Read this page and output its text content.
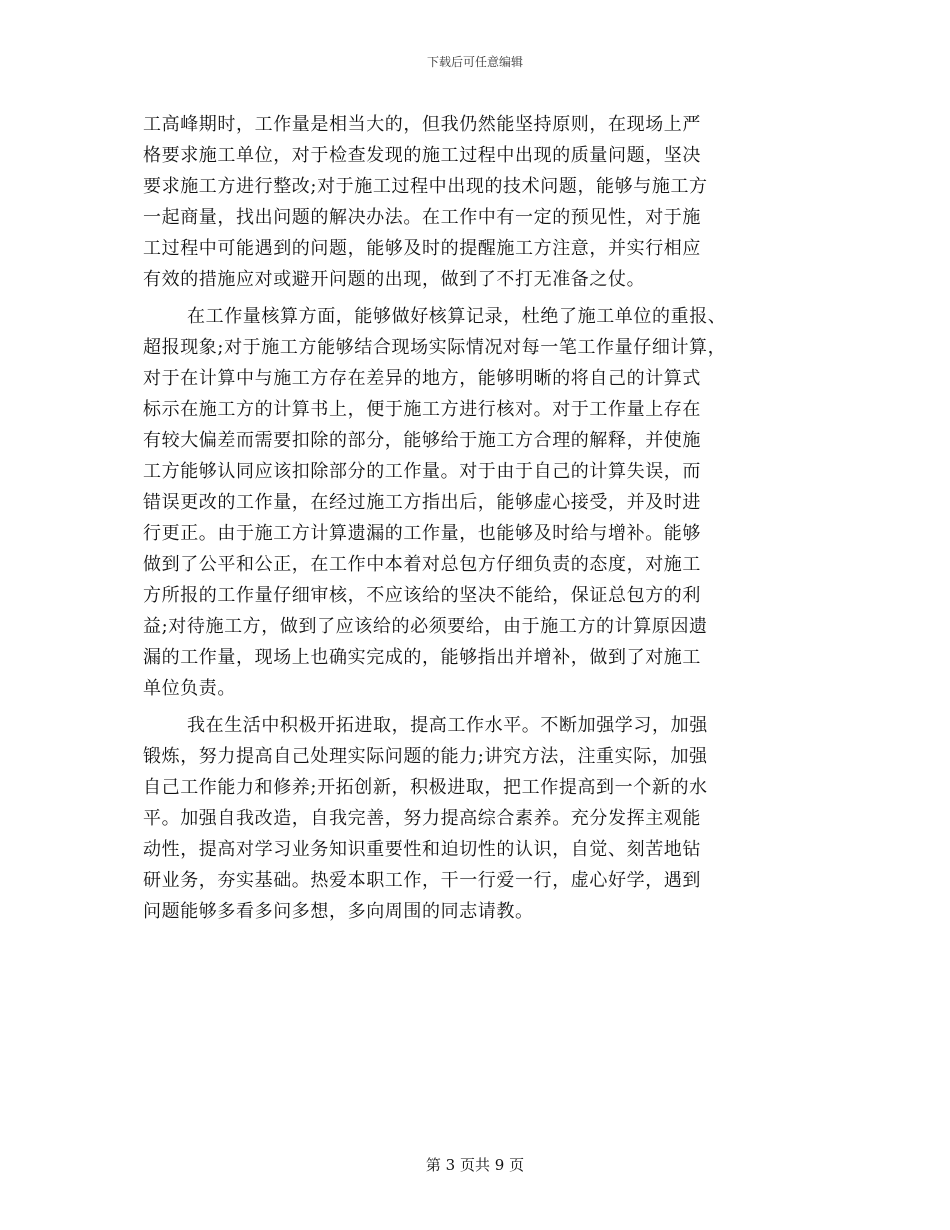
下载后可任意编辑
工高峰期时，工作量是相当大的，但我仍然能坚持原则，在现场上严
格要求施工单位，对于检查发现的施工过程中出现的质量问题，坚决
要求施工方进行整改;对于施工过程中出现的技术问题，能够与施工方
一起商量，找出问题的解决办法。在工作中有一定的预见性，对于施
工过程中可能遇到的问题，能够及时的提醒施工方注意，并实行相应
有效的措施应对或避开问题的出现，做到了不打无准备之仗。
在工作量核算方面，能够做好核算记录，杜绝了施工单位的重报、
超报现象;对于施工方能够结合现场实际情况对每一笔工作量仔细计算，
对于在计算中与施工方存在差异的地方，能够明晰的将自己的计算式
标示在施工方的计算书上，便于施工方进行核对。对于工作量上存在
有较大偏差而需要扣除的部分，能够给于施工方合理的解释，并使施
工方能够认同应该扣除部分的工作量。对于由于自己的计算失误，而
错误更改的工作量，在经过施工方指出后，能够虚心接受，并及时进
行更正。由于施工方计算遗漏的工作量，也能够及时给与增补。能够
做到了公平和公正，在工作中本着对总包方仔细负责的态度，对施工
方所报的工作量仔细审核，不应该给的坚决不能给，保证总包方的利
益;对待施工方，做到了应该给的必须要给，由于施工方的计算原因遗
漏的工作量，现场上也确实完成的，能够指出并增补，做到了对施工
单位负责。
我在生活中积极开拓进取，提高工作水平。不断加强学习，加强
锻炼，努力提高自己处理实际问题的能力;讲究方法，注重实际，加强
自己工作能力和修养;开拓创新，积极进取，把工作提高到一个新的水
平。加强自我改造，自我完善，努力提高综合素养。充分发挥主观能
动性，提高对学习业务知识重要性和迫切性的认识，自觉、刻苦地钻
研业务，夯实基础。热爱本职工作，干一行爱一行，虚心好学，遇到
问题能够多看多问多想，多向周围的同志请教。
第 3 页共 9 页
